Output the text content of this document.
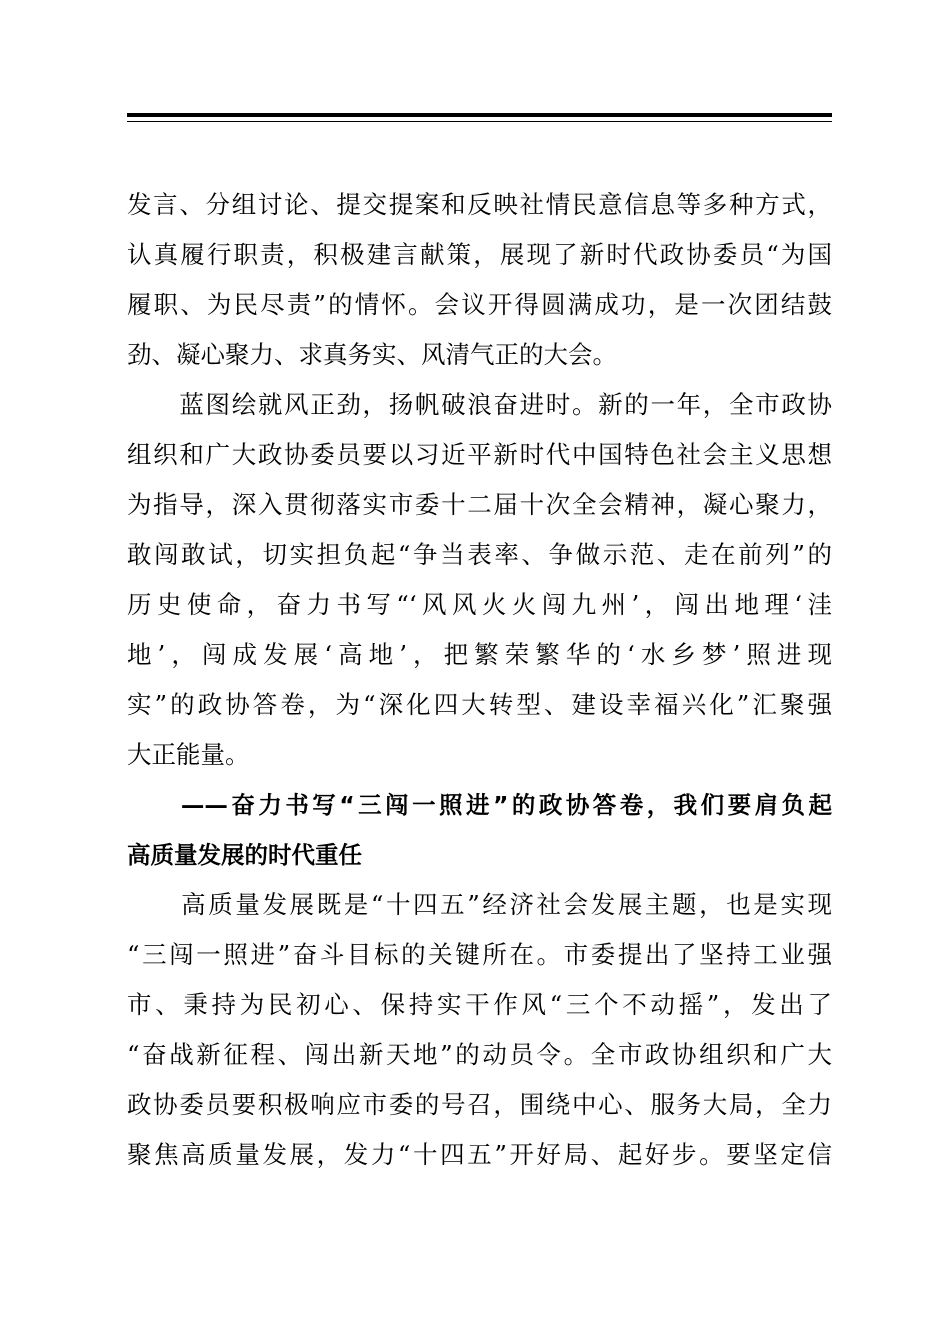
发言、分组讨论、提交提案和反映社情民意信息等多种方式，
认真履行职责，积极建言献策，展现了新时代政协委员“为国
履职、为民尽责”的情怀。会议开得圆满成功，是一次团结鼓
劲、凝心聚力、求真务实、风清气正的大会。
　　蓝图绘就风正劲，扬帆破浪奋进时。新的一年，全市政协
组织和广大政协委员要以习近平新时代中国特色社会主义思想
为指导，深入贯彻落实市委十二届十次全会精神，凝心聚力，
敢闯敢试，切实担负起“争当表率、争做示范、走在前列”的
历史使命，奋力书写“‘风风火火闯九州’，闯出地理‘洼
地’，闯成发展‘高地’，把繁荣繁华的‘水乡梦’照进现
实”的政协答卷，为“深化四大转型、建设幸福兴化”汇聚强
大正能量。
　　——奋力书写“三闯一照进”的政协答卷，我们要肩负起
高质量发展的时代重任
　　高质量发展既是“十四五”经济社会发展主题，也是实现
“三闯一照进”奋斗目标的关键所在。市委提出了坚持工业强
市、秉持为民初心、保持实干作风“三个不动摇”，发出了
“奋战新征程、闯出新天地”的动员令。全市政协组织和广大
政协委员要积极响应市委的号召，围绕中心、服务大局，全力
聚焦高质量发展，发力“十四五”开好局、起好步。要坚定信
